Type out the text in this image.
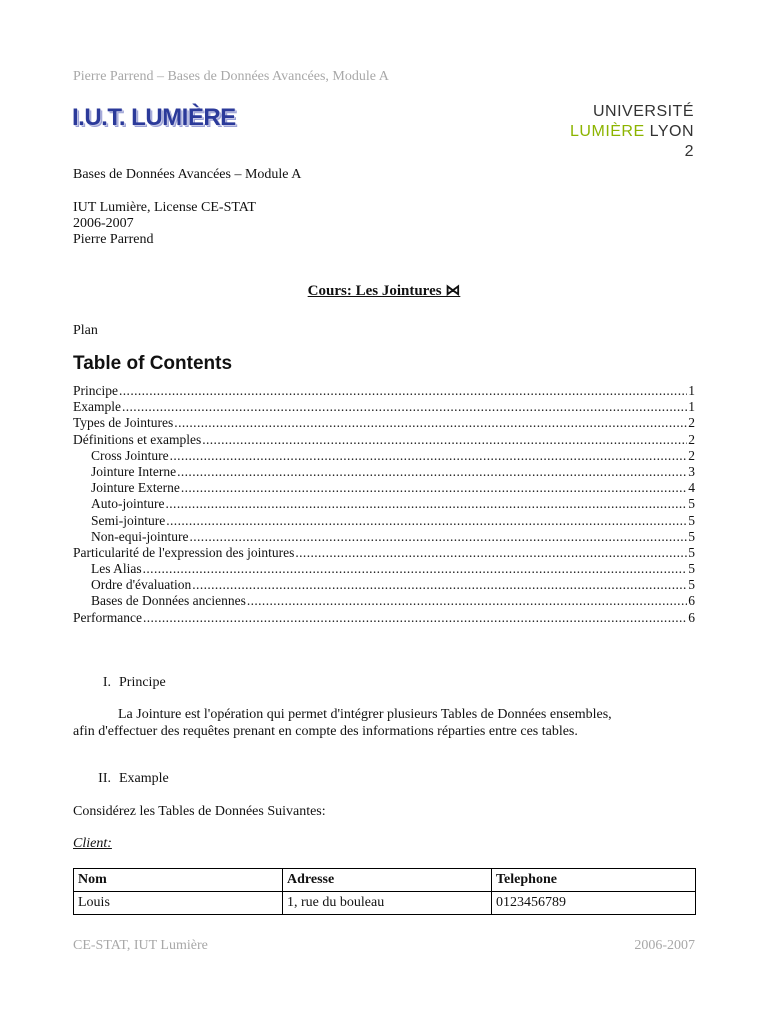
Pierre Parrend – Bases de Données Avancées, Module A
I.U.T. LUMIÈRE	UNIVERSITÉ
LUMIÈRE LYON 2
Bases de Données Avancées – Module A
IUT Lumière, License CE-STAT
2006-2007
Pierre Parrend
Cours: Les Jointures ⋈
Plan
Table of Contents
Principe .....	1
Example .....	1
Types de Jointures .....	2
Définitions et examples .....	2
Cross Jointure .....	2
Jointure Interne .....	3
Jointure Externe .....	4
Auto-jointure .....	5
Semi-jointure .....	5
Non-equi-jointure .....	5
Particularité de l'expression des jointures .....	5
Les Alias .....	5
Ordre d'évaluation .....	5
Bases de Données anciennes .....	6
Performance .....	6
I. Principe
La Jointure est l'opération qui permet d'intégrer plusieurs Tables de Données ensembles,
afin d'effectuer des requêtes prenant en compte des informations réparties entre ces tables.
II. Example
Considérez les Tables de Données Suivantes:
Client:
Nom	Adresse	Telephone
Louis	1, rue du bouleau	0123456789
CE-STAT, IUT Lumière	2006-2007
